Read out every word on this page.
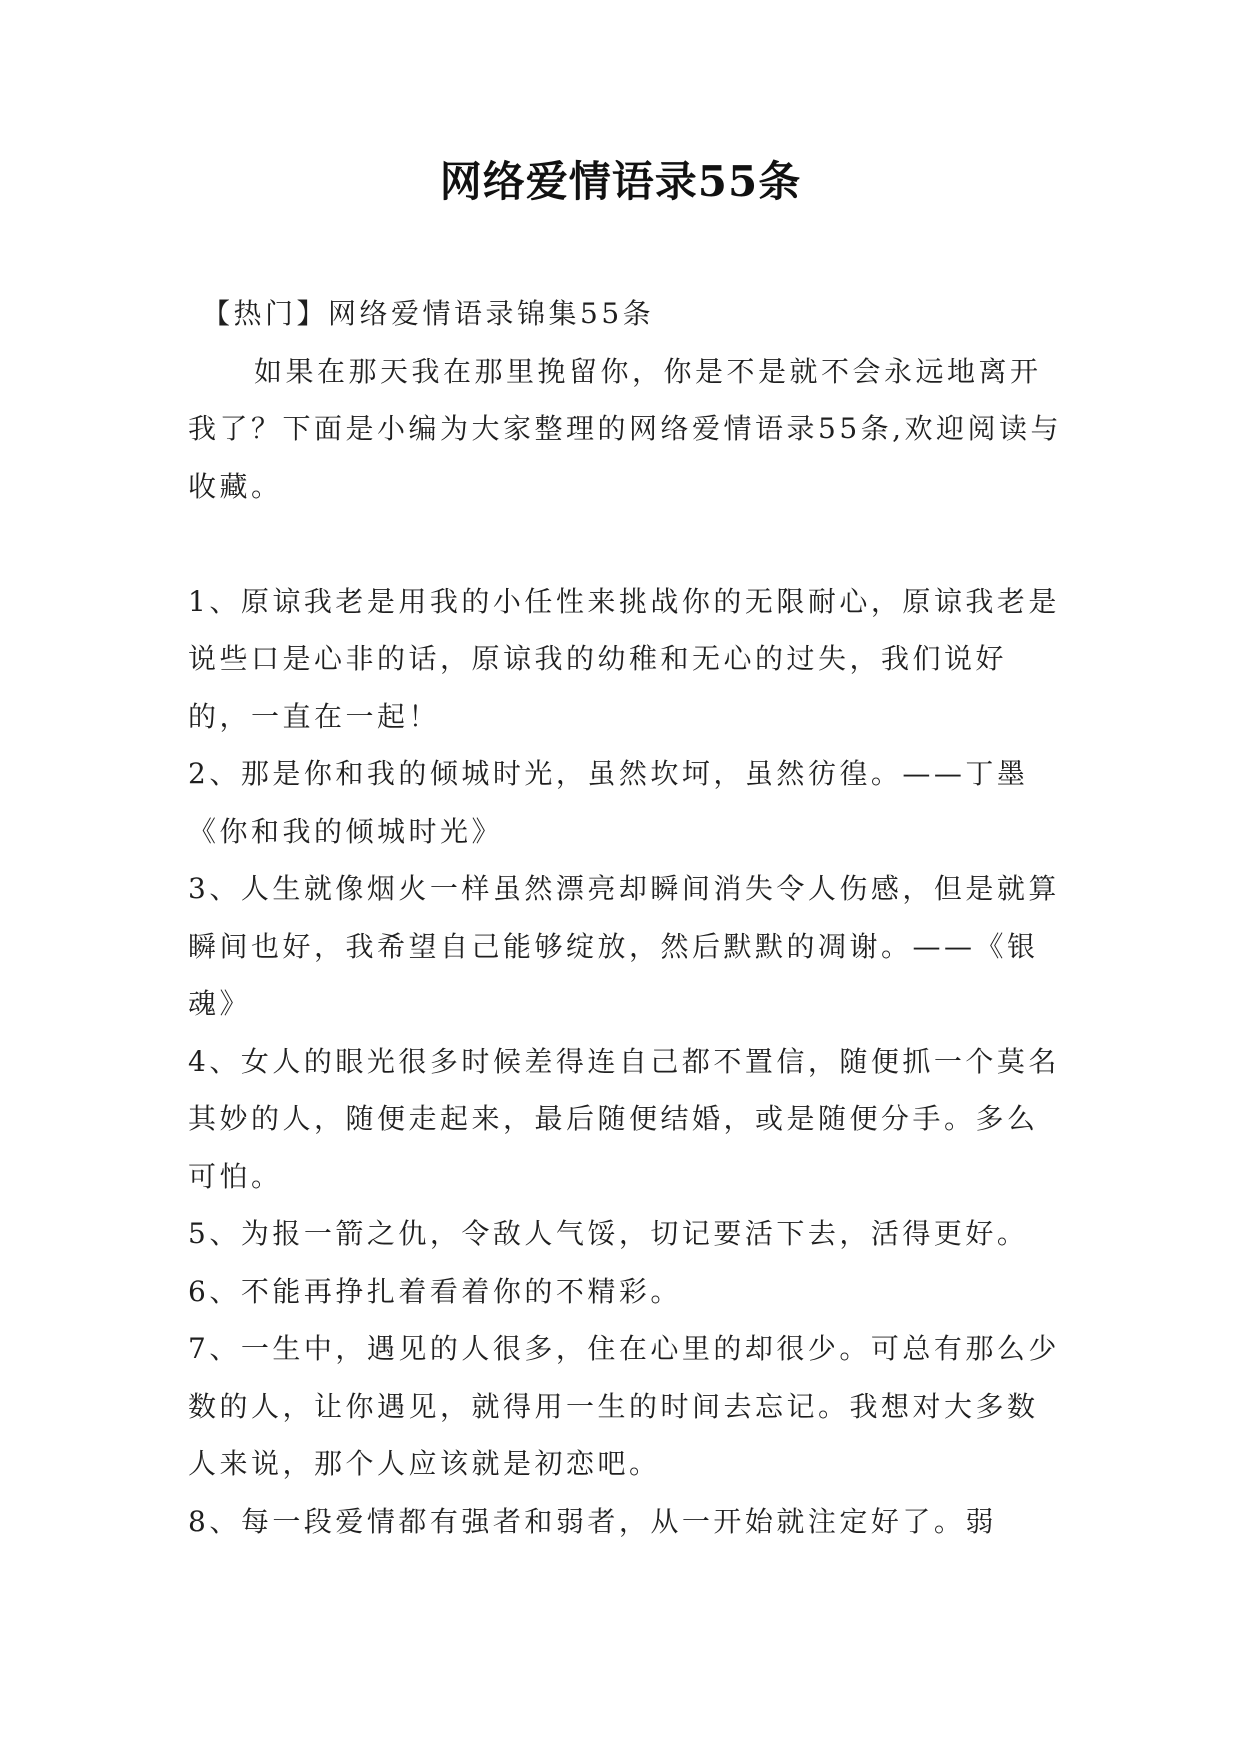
网络爱情语录55条

【热门】网络爱情语录锦集55条

如果在那天我在那里挽留你，你是不是就不会永远地离开我了？下面是小编为大家整理的网络爱情语录55条,欢迎阅读与收藏。

1、原谅我老是用我的小任性来挑战你的无限耐心，原谅我老是说些口是心非的话，原谅我的幼稚和无心的过失，我们说好的，一直在一起！

2、那是你和我的倾城时光，虽然坎坷，虽然彷徨。——丁墨《你和我的倾城时光》

3、人生就像烟火一样虽然漂亮却瞬间消失令人伤感，但是就算瞬间也好，我希望自己能够绽放，然后默默的凋谢。——《银魂》

4、女人的眼光很多时候差得连自己都不置信，随便抓一个莫名其妙的人，随便走起来，最后随便结婚，或是随便分手。多么可怕。

5、为报一箭之仇，令敌人气馁，切记要活下去，活得更好。

6、不能再挣扎着看着你的不精彩。

7、一生中，遇见的人很多，住在心里的却很少。可总有那么少数的人，让你遇见，就得用一生的时间去忘记。我想对大多数人来说，那个人应该就是初恋吧。

8、每一段爱情都有强者和弱者，从一开始就注定好了。弱
